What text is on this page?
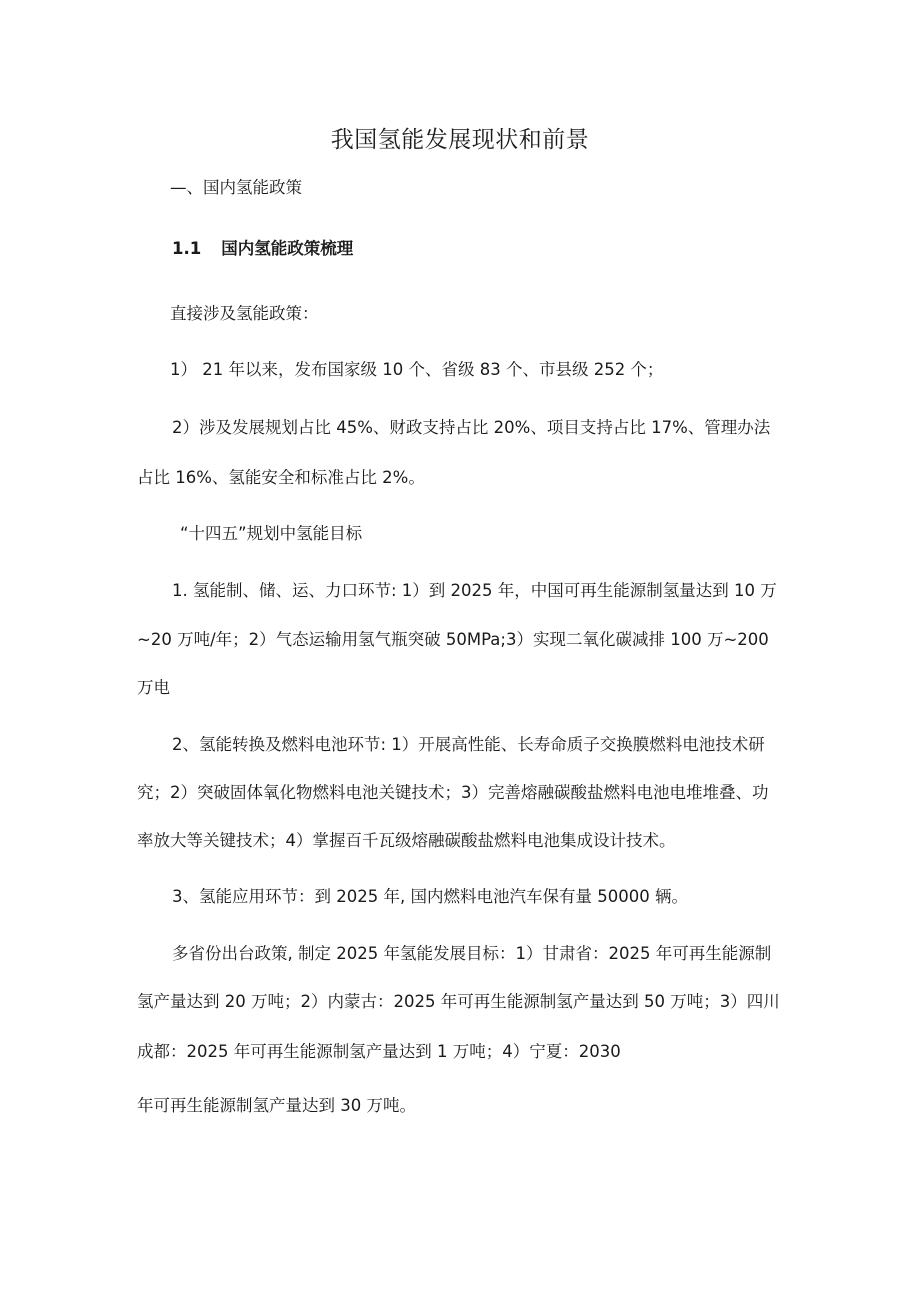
我国氢能发展现状和前景

—、国内氢能政策

1.1 国内氢能政策梳理

直接涉及氢能政策：

1） 21 年以来，发布国家级 10 个、省级 83 个、市县级 252 个；

2）涉及发展规划占比 45%、财政支持占比 20%、项目支持占比 17%、管理办法

占比 16%、氢能安全和标准占比 2%。

“十四五”规划中氢能目标

1. 氢能制、储、运、力口环节: 1）到 2025 年，中国可再生能源制氢量达到 10 万

~20 万吨/年；2）气态运输用氢气瓶突破 50MPa;3）实现二氧化碳减排 100 万~200

万电

2、氢能转换及燃料电池环节: 1）开展高性能、长寿命质子交换膜燃料电池技术研

究；2）突破固体氧化物燃料电池关键技术；3）完善熔融碳酸盐燃料电池电堆堆叠、功

率放大等关键技术；4）掌握百千瓦级熔融碳酸盐燃料电池集成设计技术。

3、氢能应用环节：到 2025 年, 国内燃料电池汽车保有量 50000 辆。

多省份出台政策, 制定 2025 年氢能发展目标：1）甘肃省：2025 年可再生能源制

氢产量达到 20 万吨；2）内蒙古：2025 年可再生能源制氢产量达到 50 万吨；3）四川

成都：2025 年可再生能源制氢产量达到 1 万吨；4）宁夏：2030

年可再生能源制氢产量达到 30 万吨。
